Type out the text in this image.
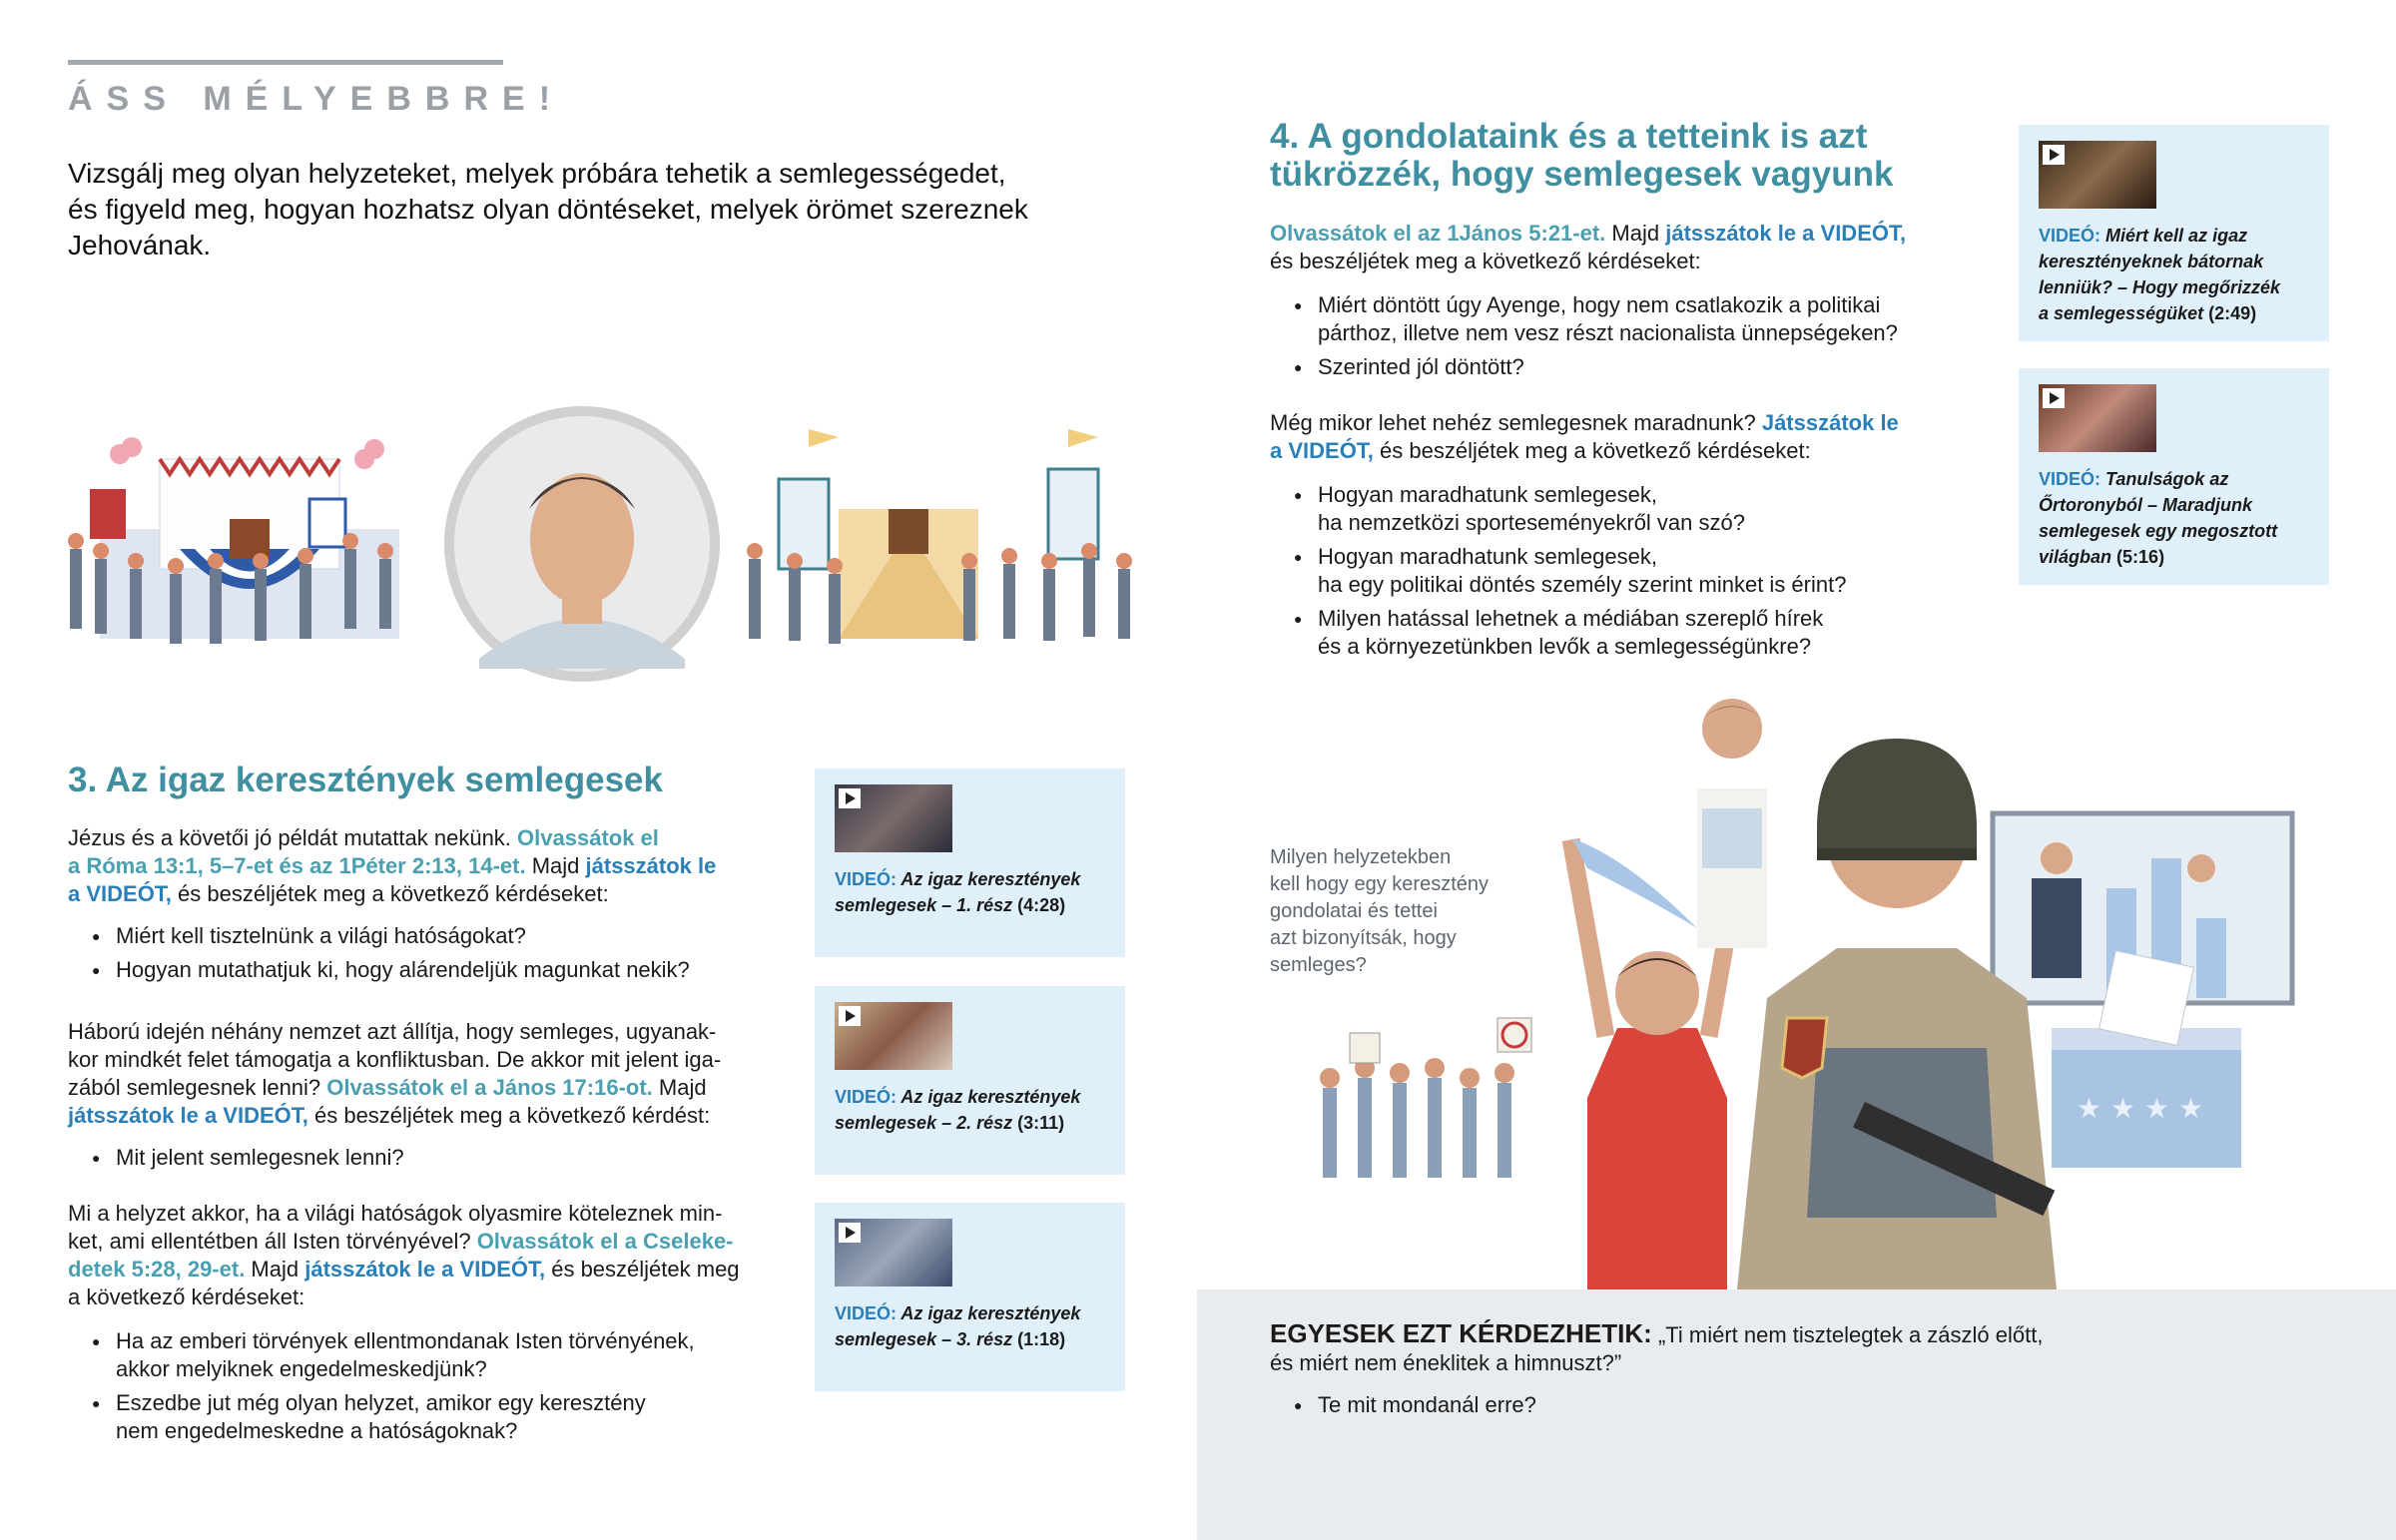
ÁSS MÉLYEBBRE!
Vizsgálj meg olyan helyzeteket, melyek próbára tehetik a semlegességedet,
és figyeld meg, hogyan hozhatsz olyan döntéseket, melyek örömet szereznek
Jehovának.
3. Az igaz keresztények semlegesek
Jézus és a követői jó példát mutattak nekünk. Olvassátok el
a Róma 13:1, 5–7-et és az 1Péter 2:13, 14-et. Majd játsszátok le
a VIDEÓT, és beszéljétek meg a következő kérdéseket:
● Miért kell tisztelnünk a világi hatóságokat?
● Hogyan mutathatjuk ki, hogy alárendeljük magunkat nekik?
Háború idején néhány nemzet azt állítja, hogy semleges, ugyanak-
kor mindkét felet támogatja a konfliktusban. De akkor mit jelent iga-
zából semlegesnek lenni? Olvassátok el a János 17:16-ot. Majd
játsszátok le a VIDEÓT, és beszéljétek meg a következő kérdést:
● Mit jelent semlegesnek lenni?
Mi a helyzet akkor, ha a világi hatóságok olyasmire köteleznek min-
ket, ami ellentétben áll Isten törvényével? Olvassátok el a Cseleke-
detek 5:28, 29-et. Majd játsszátok le a VIDEÓT, és beszéljétek meg
a következő kérdéseket:
● Ha az emberi törvények ellentmondanak Isten törvényének,
akkor melyiknek engedelmeskedjünk?
● Eszedbe jut még olyan helyzet, amikor egy keresztény
nem engedelmeskedne a hatóságoknak?
VIDEÓ: Az igaz keresztények
semlegesek – 1. rész (4:28)
VIDEÓ: Az igaz keresztények
semlegesek – 2. rész (3:11)
VIDEÓ: Az igaz keresztények
semlegesek – 3. rész (1:18)
4. A gondolataink és a tetteink is azt
tükrözzék, hogy semlegesek vagyunk
Olvassátok el az 1János 5:21-et. Majd játsszátok le a VIDEÓT,
és beszéljétek meg a következő kérdéseket:
● Miért döntött úgy Ayenge, hogy nem csatlakozik a politikai
párthoz, illetve nem vesz részt nacionalista ünnepségeken?
● Szerinted jól döntött?
Még mikor lehet nehéz semlegesnek maradnunk? Játsszátok le
a VIDEÓT, és beszéljétek meg a következő kérdéseket:
● Hogyan maradhatunk semlegesek,
ha nemzetközi sporteseményekről van szó?
● Hogyan maradhatunk semlegesek,
ha egy politikai döntés személy szerint minket is érint?
● Milyen hatással lehetnek a médiában szereplő hírek
és a környezetünkben levők a semlegességünkre?
VIDEÓ: Miért kell az igaz
keresztényeknek bátornak
lenniük? – Hogy megőrizzék
a semlegességüket (2:49)
VIDEÓ: Tanulságok az
Őrtoronyból – Maradjunk
semlegesek egy megosztott
világban (5:16)
Milyen helyzetekben
kell hogy egy keresztény
gondolatai és tettei
azt bizonyítsák, hogy
semleges?
★ ★ ★ ★
EGYESEK EZT KÉRDEZHETIK: „Ti miért nem tisztelegtek a zászló előtt,
és miért nem éneklitek a himnuszt?”
● Te mit mondanál erre?
